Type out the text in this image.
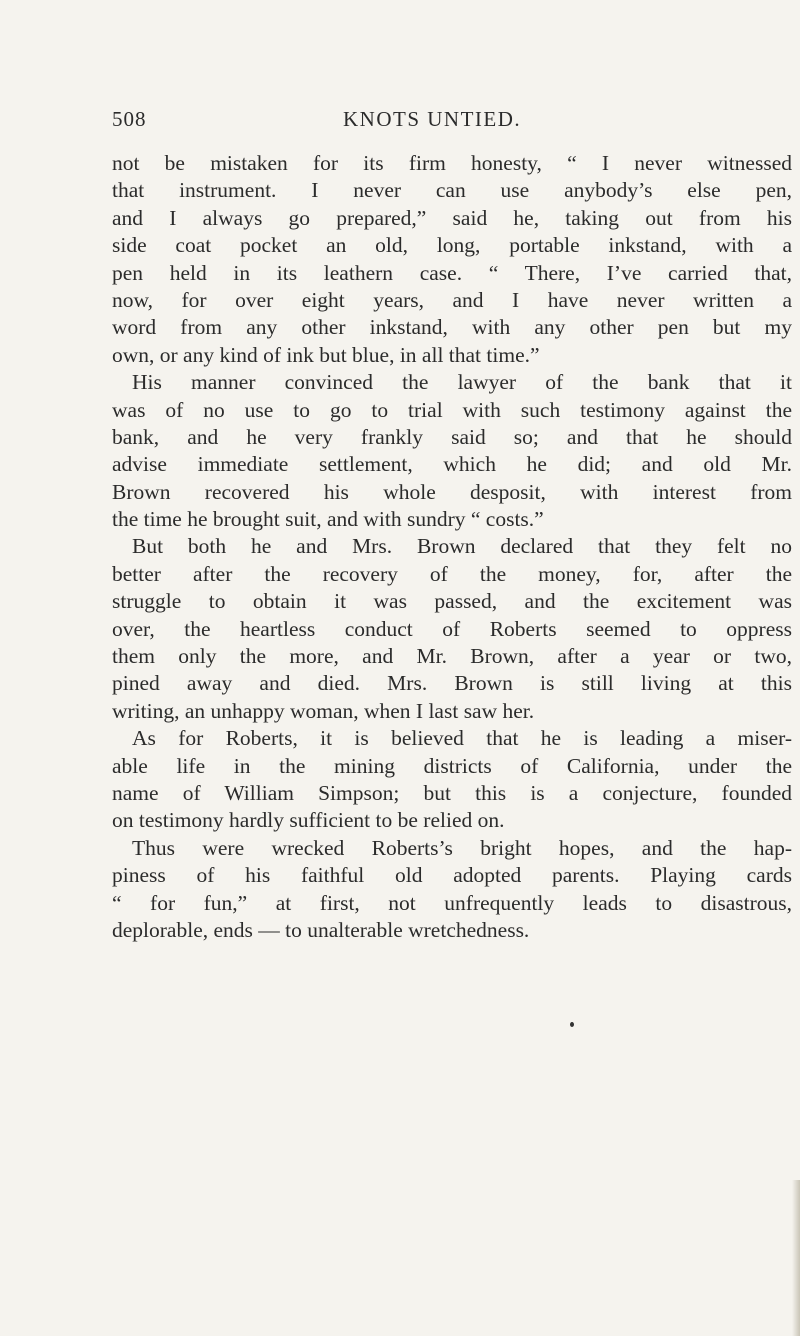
508	KNOTS UNTIED.
not be mistaken for its firm honesty, “ I never witnessed
that instrument. I never can use anybody’s else pen,
and I always go prepared,” said he, taking out from his
side coat pocket an old, long, portable inkstand, with a
pen held in its leathern case. “ There, I’ve carried that,
now, for over eight years, and I have never written a
word from any other inkstand, with any other pen but my
own, or any kind of ink but blue, in all that time.”
His manner convinced the lawyer of the bank that it
was of no use to go to trial with such testimony against the
bank, and he very frankly said so; and that he should
advise immediate settlement, which he did; and old Mr.
Brown recovered his whole desposit, with interest from
the time he brought suit, and with sundry “ costs.”
But both he and Mrs. Brown declared that they felt no
better after the recovery of the money, for, after the
struggle to obtain it was passed, and the excitement was
over, the heartless conduct of Roberts seemed to oppress
them only the more, and Mr. Brown, after a year or two,
pined away and died. Mrs. Brown is still living at this
writing, an unhappy woman, when I last saw her.
As for Roberts, it is believed that he is leading a miser-
able life in the mining districts of California, under the
name of William Simpson; but this is a conjecture, founded
on testimony hardly sufficient to be relied on.
Thus were wrecked Roberts’s bright hopes, and the hap-
piness of his faithful old adopted parents. Playing cards
“ for fun,” at first, not unfrequently leads to disastrous,
deplorable, ends — to unalterable wretchedness.
